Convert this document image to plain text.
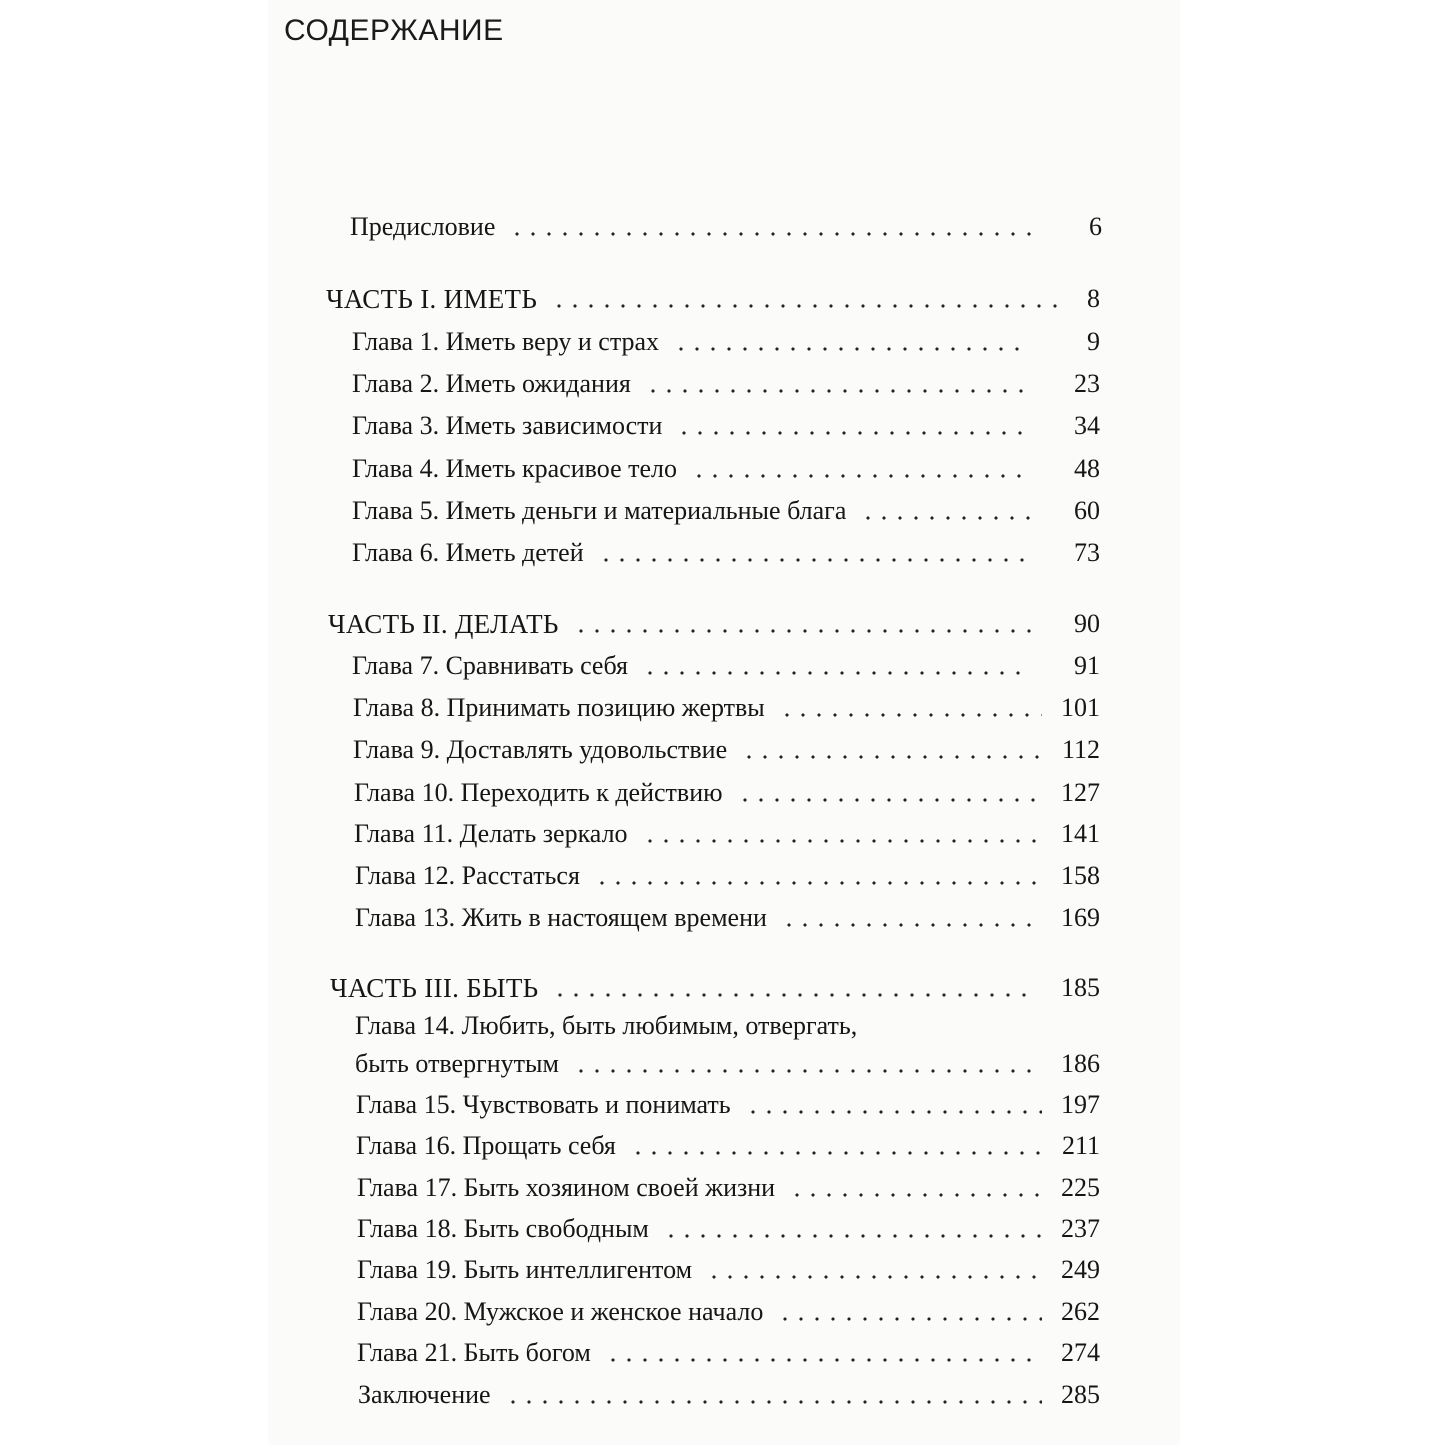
СОДЕРЖАНИЕ
Предисловие	6
ЧАСТЬ I. ИМЕТЬ	8
Глава 1. Иметь веру и страх	9
Глава 2. Иметь ожидания	23
Глава 3. Иметь зависимости	34
Глава 4. Иметь красивое тело	48
Глава 5. Иметь деньги и материальные блага	60
Глава 6. Иметь детей	73
ЧАСТЬ II. ДЕЛАТЬ	90
Глава 7. Сравнивать себя	91
Глава 8. Принимать позицию жертвы	101
Глава 9. Доставлять удовольствие	112
Глава 10. Переходить к действию	127
Глава 11. Делать зеркало	141
Глава 12. Расстаться	158
Глава 13. Жить в настоящем времени	169
ЧАСТЬ III. БЫТЬ	185
Глава 14. Любить, быть любимым, отвергать,
быть отвергнутым	186
Глава 15. Чувствовать и понимать	197
Глава 16. Прощать себя	211
Глава 17. Быть хозяином своей жизни	225
Глава 18. Быть свободным	237
Глава 19. Быть интеллигентом	249
Глава 20. Мужское и женское начало	262
Глава 21. Быть богом	274
Заключение	285
